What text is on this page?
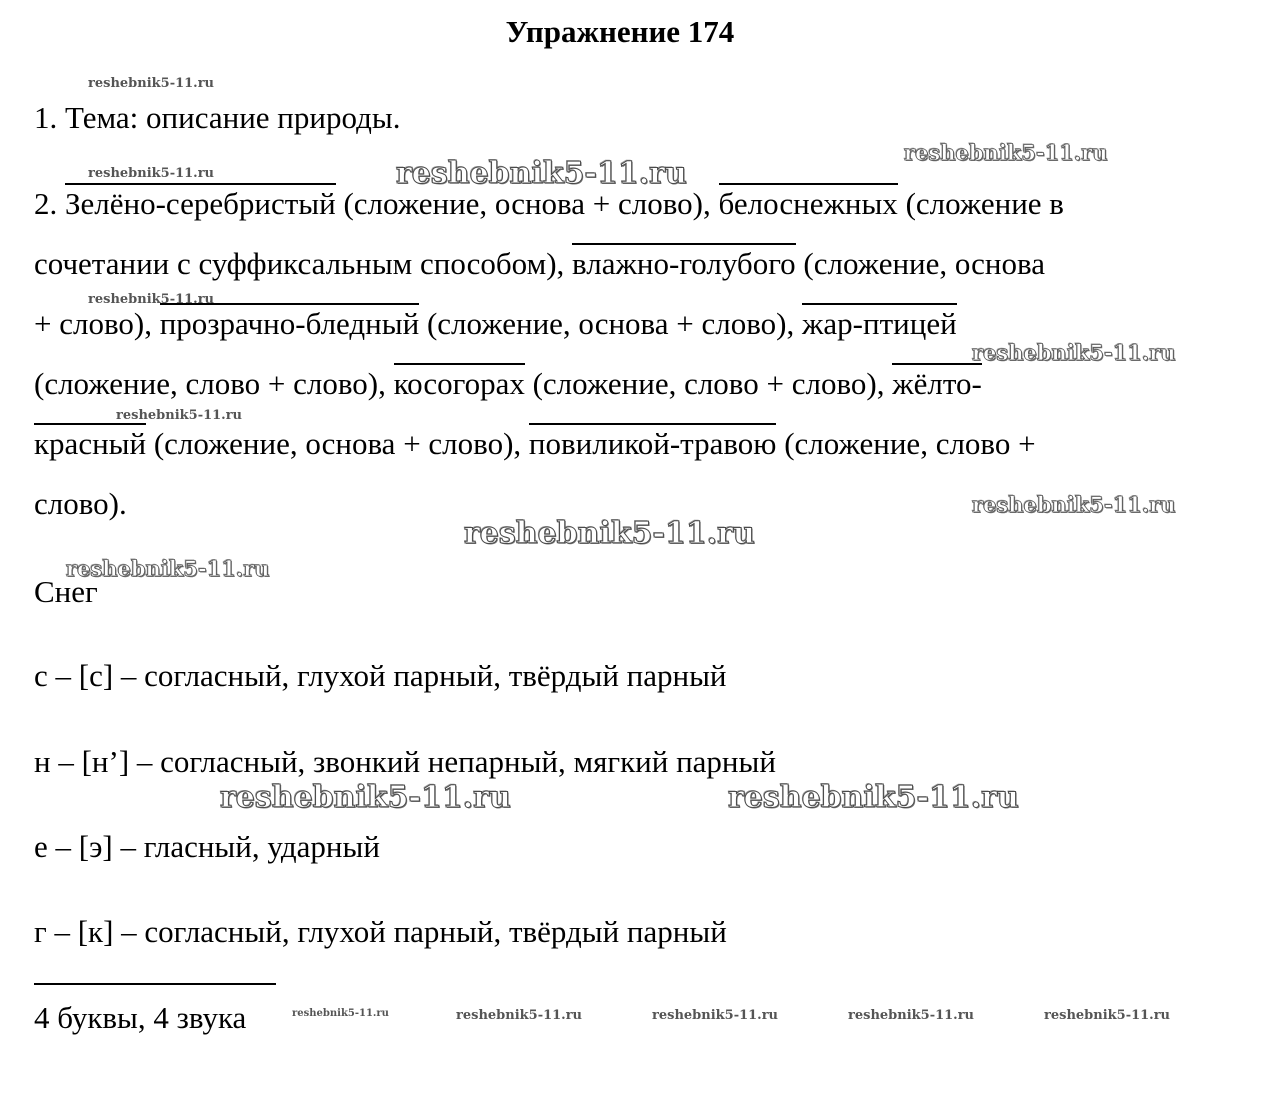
Упражнение 174
1. Тема: описание природы.
2. Зелёно-серебристый (сложение, основа + слово), белоснежных (сложение в
сочетании с суффиксальным способом), влажно-голубого (сложение, основа
+ слово), прозрачно-бледный (сложение, основа + слово), жар-птицей
(сложение, слово + слово), косогорах (сложение, слово + слово), жёлто-
красный (сложение, основа + слово), повиликой-травою (сложение, слово +
слово).
Снег
с – [с] – согласный, глухой парный, твёрдый парный
н – [н’] – согласный, звонкий непарный, мягкий парный
е – [э] – гласный, ударный
г – [к] – согласный, глухой парный, твёрдый парный
4 буквы, 4 звука
reshebnik5-11.ru
reshebnik5-11.ru	reshebnik5-11.ru
reshebnik5-11.ru
reshebnik5-11.ru
reshebnik5-11.ru
reshebnik5-11.ru
reshebnik5-11.ru
reshebnik5-11.ru
reshebnik5-11.ru
reshebnik5-11.ru	reshebnik5-11.ru
reshebnik5-11.ru	reshebnik5-11.ru	reshebnik5-11.ru	reshebnik5-11.ru	reshebnik5-11.ru
